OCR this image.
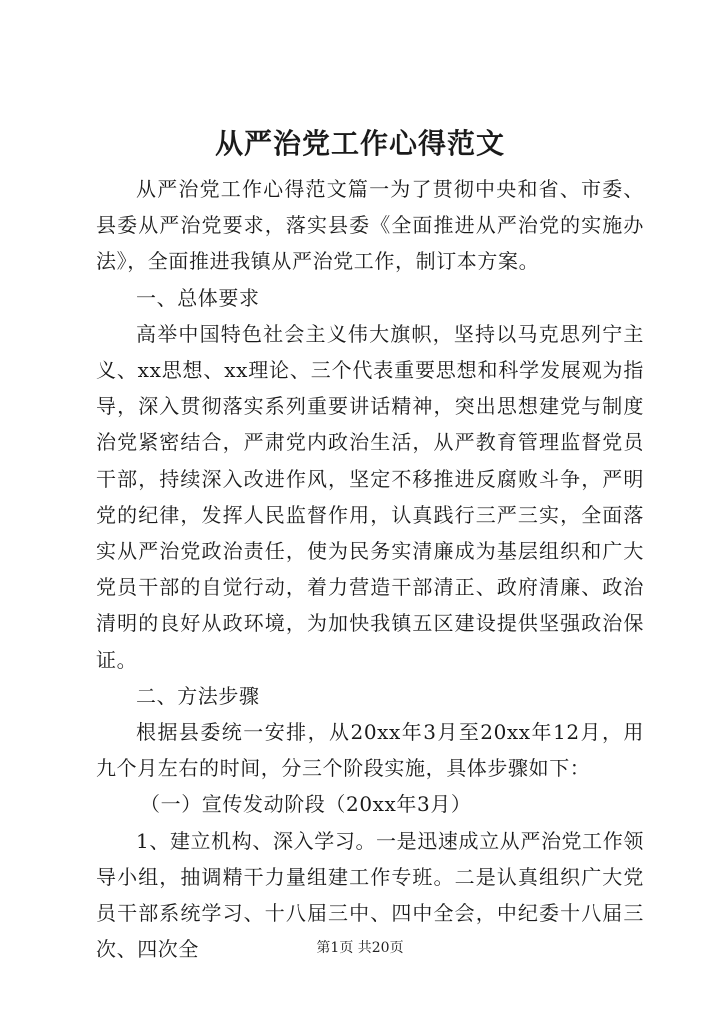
从严治党工作心得范文

从严治党工作心得范文篇一为了贯彻中央和省、市委、县委从严治党要求，落实县委《全面推进从严治党的实施办法》，全面推进我镇从严治党工作，制订本方案。

一、总体要求

高举中国特色社会主义伟大旗帜，坚持以马克思列宁主义、xx思想、xx理论、三个代表重要思想和科学发展观为指导，深入贯彻落实系列重要讲话精神，突出思想建党与制度治党紧密结合，严肃党内政治生活，从严教育管理监督党员干部，持续深入改进作风，坚定不移推进反腐败斗争，严明党的纪律，发挥人民监督作用，认真践行三严三实，全面落实从严治党政治责任，使为民务实清廉成为基层组织和广大党员干部的自觉行动，着力营造干部清正、政府清廉、政治清明的良好从政环境，为加快我镇五区建设提供坚强政治保证。

二、方法步骤

根据县委统一安排，从20xx年3月至20xx年12月，用九个月左右的时间，分三个阶段实施，具体步骤如下：

（一）宣传发动阶段（20xx年3月）

1、建立机构、深入学习。一是迅速成立从严治党工作领导小组，抽调精干力量组建工作专班。二是认真组织广大党员干部系统学习、十八届三中、四中全会，中纪委十八届三次、四次全	第1页 共20页
